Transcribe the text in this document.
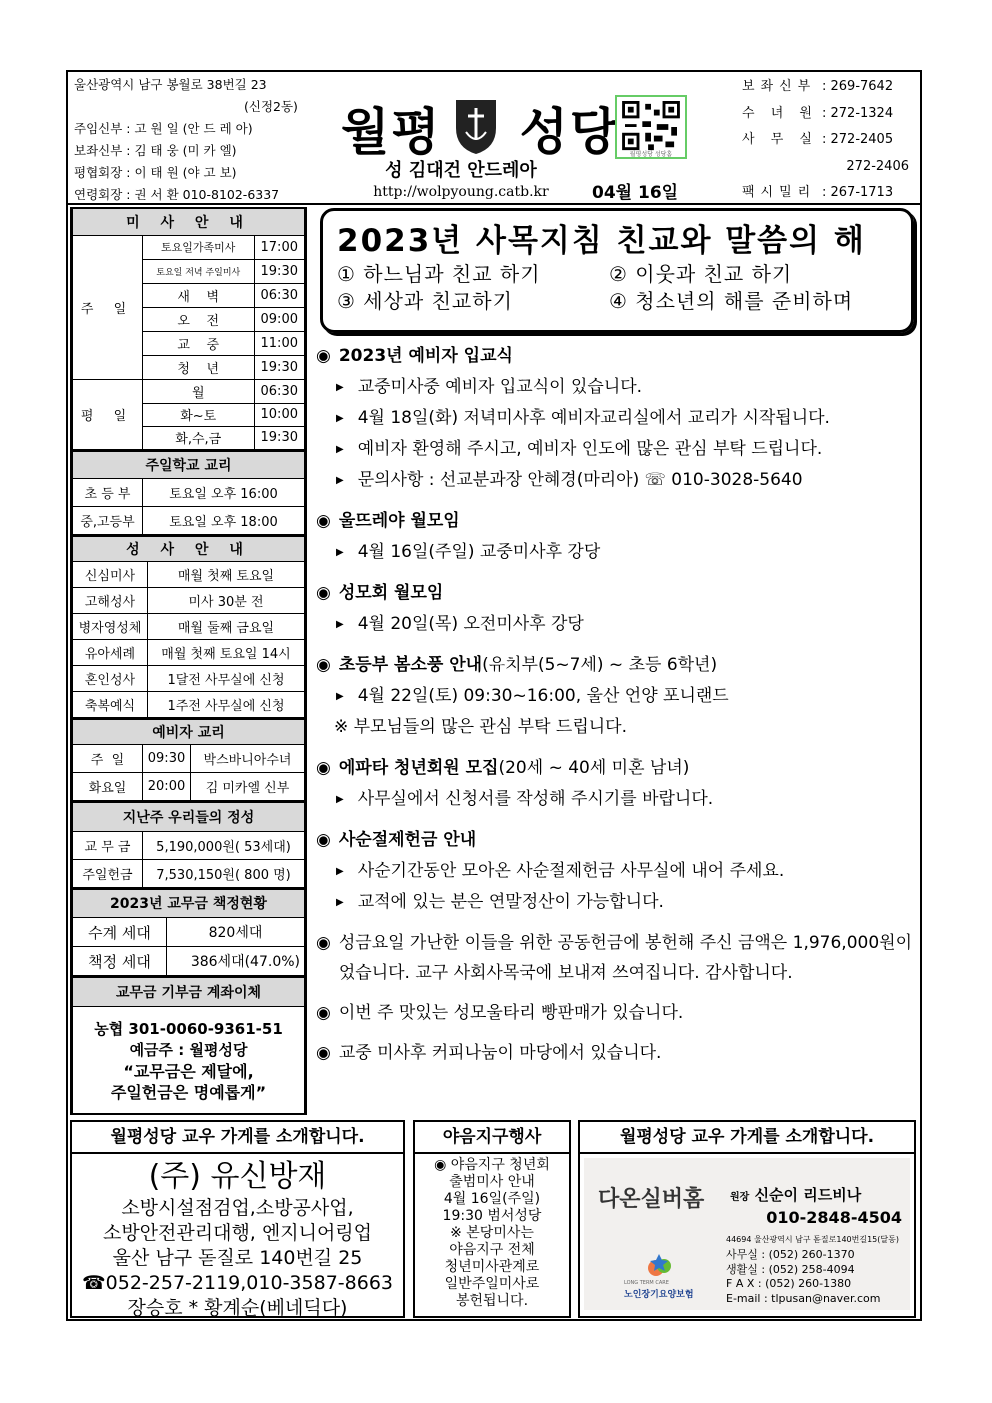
울산광역시 남구 봉월로 38번길 23
(신정2동)
주임신부 : 고 원 일 (안 드 레 아)
보좌신부 : 김 태 웅 (미 카 엘)
평협회장 : 이 태 원 (야 고 보)
연령회장 : 권 서 환 010-8102-6337
월평 성당
성 김대건 안드레아
http://wolpyoung.catb.kr
월평성당 성당홈
04월 16일
보좌신부 : 269-7642
수 녀 원 : 272-1324
사 무 실 : 272-2405
272-2406
팩시밀리 : 267-1713
미 사 안 내		
주 일	토요일가족미사	17:00
	토요일 저녁 주일미사	19:30
	새    벽	06:30
	오    전	09:00
	교    중	11:00
	청    년	19:30
평 일	월	06:30
	화~토	10:00
	화,수,금	19:30
주일학교 교리	
초 등 부	토요일 오후 16:00
중,고등부	토요일 오후 18:00
성 사 안 내	
신심미사	매월 첫째 토요일
고해성사	미사 30분 전
병자영성체	매월 둘째 금요일
유아세례	매월 첫째 토요일 14시
혼인성사	1달전 사무실에 신청
축복예식	1주전 사무실에 신청
예비자 교리		
주  일	09:30	박스바니아수녀
화요일	20:00	김 미카엘 신부
지난주 우리들의 정성	
교 무 금	5,190,000원( 53세대)
주일헌금	7,530,150원( 800 명)
2023년 교무금 책정현황	
수계 세대	820세대
책정 세대	386세대(47.0%)
교무금 기부금 계좌이체

농협 301-0060-9361-51
예금주 : 월평성당
“교무금은 제달에,
주일헌금은 명예롭게”
2023년 사목지침 친교와 말씀의 해
① 하느님과 친교 하기	② 이웃과 친교 하기
③ 세상과 친교하기	④ 청소년의 해를 준비하며
◉ 2023년 예비자 입교식
▶ 교중미사중 예비자 입교식이 있습니다.
▶ 4월 18일(화) 저녁미사후 예비자교리실에서 교리가 시작됩니다.
▶ 예비자 환영해 주시고, 예비자 인도에 많은 관심 부탁 드립니다.
▶ 문의사항 : 선교분과장 안혜경(마리아) ☏ 010-3028-5640
◉ 울뜨레야 월모임
▶ 4월 16일(주일) 교중미사후 강당
◉ 성모회 월모임
▶ 4월 20일(목) 오전미사후 강당
◉ 초등부 봄소풍 안내(유치부(5~7세) ~ 초등 6학년)
▶ 4월 22일(토) 09:30~16:00, 울산 언양 포니랜드
※ 부모님들의 많은 관심 부탁 드립니다.
◉ 에파타 청년회원 모집(20세 ~ 40세 미혼 남녀)
▶ 사무실에서 신청서를 작성해 주시기를 바랍니다.
◉ 사순절제헌금 안내
▶ 사순기간동안 모아온 사순절제헌금 사무실에 내어 주세요.
▶ 교적에 있는 분은 연말정산이 가능합니다.
◉ 성금요일 가난한 이들을 위한 공동헌금에 봉헌해 주신 금액은 1,976,000원이었습니다. 교구 사회사목국에 보내져 쓰여집니다. 감사합니다.
◉ 이번 주 맛있는 성모울타리 빵판매가 있습니다.
◉ 교중 미사후 커피나눔이 마당에서 있습니다.
월평성당 교우 가게를 소개합니다.
(주) 유신방재
소방시설점검업,소방공사업,
소방안전관리대행, 엔지니어링업
울산 남구 돋질로 140번길 25
☎052-257-2119,010-3587-8663
장승호 * 황계순(베네딕다)
야음지구행사
◉ 야음지구 청년회
출범미사 안내
4월 16일(주일)
19:30 범서성당
※ 본당미사는
야음지구 전체
청년미사관계로
일반주일미사로
봉헌됩니다.
월평성당 교우 가게를 소개합니다.
다온실버홈	원장 신순이 리드비나
010-2848-4504
44694 울산광역시 남구 돋질로140번길15(달동)
사무실 : (052) 260-1370
생활실 : (052) 258-4094
F A X : (052) 260-1380
E-mail : tlpusan@naver.com
LONG TERM CARE
노인장기요양보험
